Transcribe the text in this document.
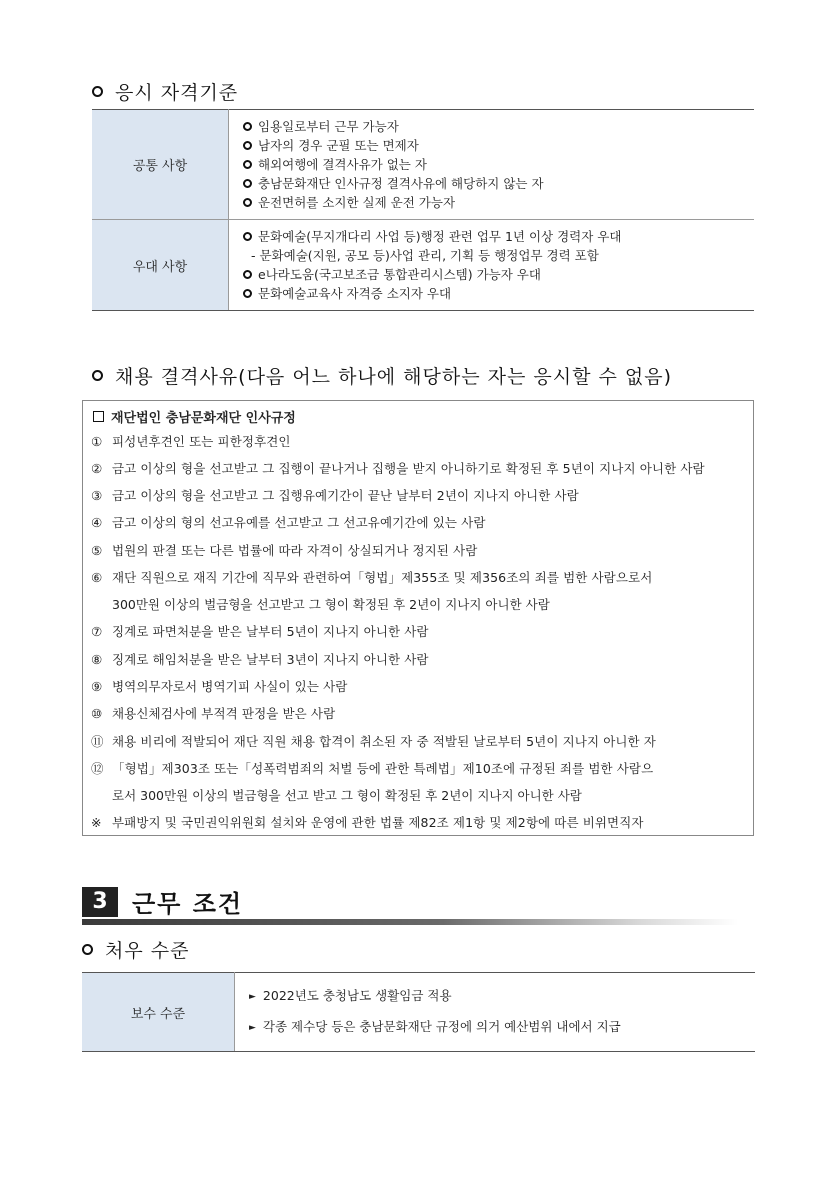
응시 자격기준
공통 사항	임용일로부터 근무 가능자
남자의 경우 군필 또는 면제자
해외여행에 결격사유가 없는 자
충남문화재단 인사규정 결격사유에 해당하지 않는 자
운전면허를 소지한 실제 운전 가능자

우대 사항	문화예술(무지개다리 사업 등)행정 관련 업무 1년 이상 경력자 우대
- 문화예술(지원, 공모 등)사업 관리, 기획 등 행정업무 경력 포함
e나라도움(국고보조금 통합관리시스템) 가능자 우대
문화예술교육사 자격증 소지자 우대
채용 결격사유(다음 어느 하나에 해당하는 자는 응시할 수 없음)
재단법인 충남문화재단 인사규정
① 피성년후견인 또는 피한정후견인
② 금고 이상의 형을 선고받고 그 집행이 끝나거나 집행을 받지 아니하기로 확정된 후 5년이 지나지 아니한 사람
③ 금고 이상의 형을 선고받고 그 집행유예기간이 끝난 날부터 2년이 지나지 아니한 사람
④ 금고 이상의 형의 선고유예를 선고받고 그 선고유예기간에 있는 사람
⑤ 법원의 판결 또는 다른 법률에 따라 자격이 상실되거나 정지된 사람
⑥ 재단 직원으로 재직 기간에 직무와 관련하여「형법」제355조 및 제356조의 죄를 범한 사람으로서
300만원 이상의 벌금형을 선고받고 그 형이 확정된 후 2년이 지나지 아니한 사람
⑦ 징계로 파면처분을 받은 날부터 5년이 지나지 아니한 사람
⑧ 징계로 해임처분을 받은 날부터 3년이 지나지 아니한 사람
⑨ 병역의무자로서 병역기피 사실이 있는 사람
⑩ 채용신체검사에 부적격 판정을 받은 사람
⑪ 채용 비리에 적발되어 재단 직원 채용 합격이 취소된 자 중 적발된 날로부터 5년이 지나지 아니한 자
⑫ 「형법」제303조 또는「성폭력범죄의 처벌 등에 관한 특례법」제10조에 규정된 죄를 범한 사람으
로서 300만원 이상의 벌금형을 선고 받고 그 형이 확정된 후 2년이 지나지 아니한 사람
※ 부패방지 및 국민권익위원회 설치와 운영에 관한 법률 제82조 제1항 및 제2항에 따른 비위면직자
3	근무 조건
처우 수준
보수 수준	
► 2022년도 충청남도 생활임금 적용
► 각종 제수당 등은 충남문화재단 규정에 의거 예산범위 내에서 지급
